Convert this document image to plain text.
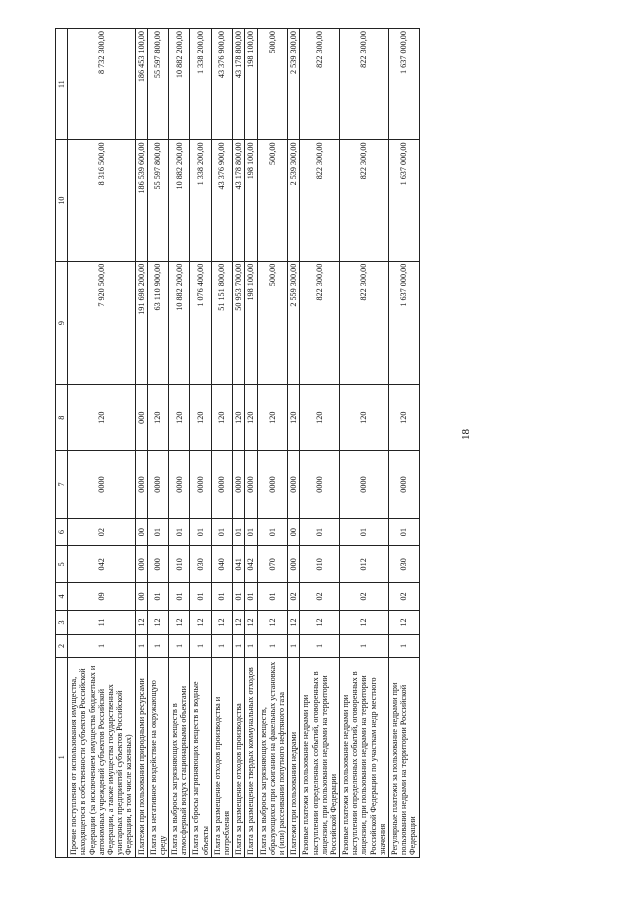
18
1	2	3	4	5	6	7	8	9	10	11
Прочие поступления от использования имущества, находящегося в собственности субъектов Российской Федерации (за исключением имущества бюджетных и автономных учреждений субъектов Российской Федерации, а также имущества государственных унитарных предприятий субъектов Российской Федерации, в том числе казенных)	1	11	09	042	02	0000	120	7 920 500,00	8 316 500,00	8 732 300,00
Платежи при пользовании природными ресурсами	1	12	00	000	00	0000	000	191 698 200,00	186 539 600,00	186 453 100,00
Плата за негативное воздействие на окружающую среду	1	12	01	000	01	0000	120	63 110 900,00	55 597 800,00	55 597 800,00
Плата за выбросы загрязняющих веществ в атмосферный воздух стационарными объектами	1	12	01	010	01	0000	120	10 882 200,00	10 882 200,00	10 882 200,00
Плата за сбросы загрязняющих веществ в водные объекты	1	12	01	030	01	0000	120	1 076 400,00	1 338 200,00	1 338 200,00
Плата за размещение отходов производства и потребления	1	12	01	040	01	0000	120	51 151 800,00	43 376 900,00	43 376 900,00
Плата за размещение отходов производства	1	12	01	041	01	0000	120	50 953 700,00	43 178 800,00	43 178 800,00
Плата за размещение твердых коммунальных отходов	1	12	01	042	01	0000	120	198 100,00	198 100,00	198 100,00
Плата за выбросы загрязняющих веществ, образующихся при сжигании на факельных установках и (или) рассеивании попутного нефтяного газа	1	12	01	070	01	0000	120	500,00	500,00	500,00
Платежи при пользовании недрами	1	12	02	000	00	0000	120	2 559 300,00	2 539 300,00	2 539 300,00
Разовые платежи за пользование недрами при наступлении определенных событий, оговоренных в лицензии, при пользовании недрами на территории Российской Федерации	1	12	02	010	01	0000	120	822 300,00	822 300,00	822 300,00
Разовые платежи за пользование недрами при наступлении определенных событий, оговоренных в лицензии, при пользовании недрами на территории Российской Федерации по участкам недр местного значения	1	12	02	012	01	0000	120	822 300,00	822 300,00	822 300,00
Регулярные платежи за пользование недрами при пользовании недрами на территории Российской Федерации	1	12	02	030	01	0000	120	1 637 000,00	1 637 000,00	1 637 000,00
